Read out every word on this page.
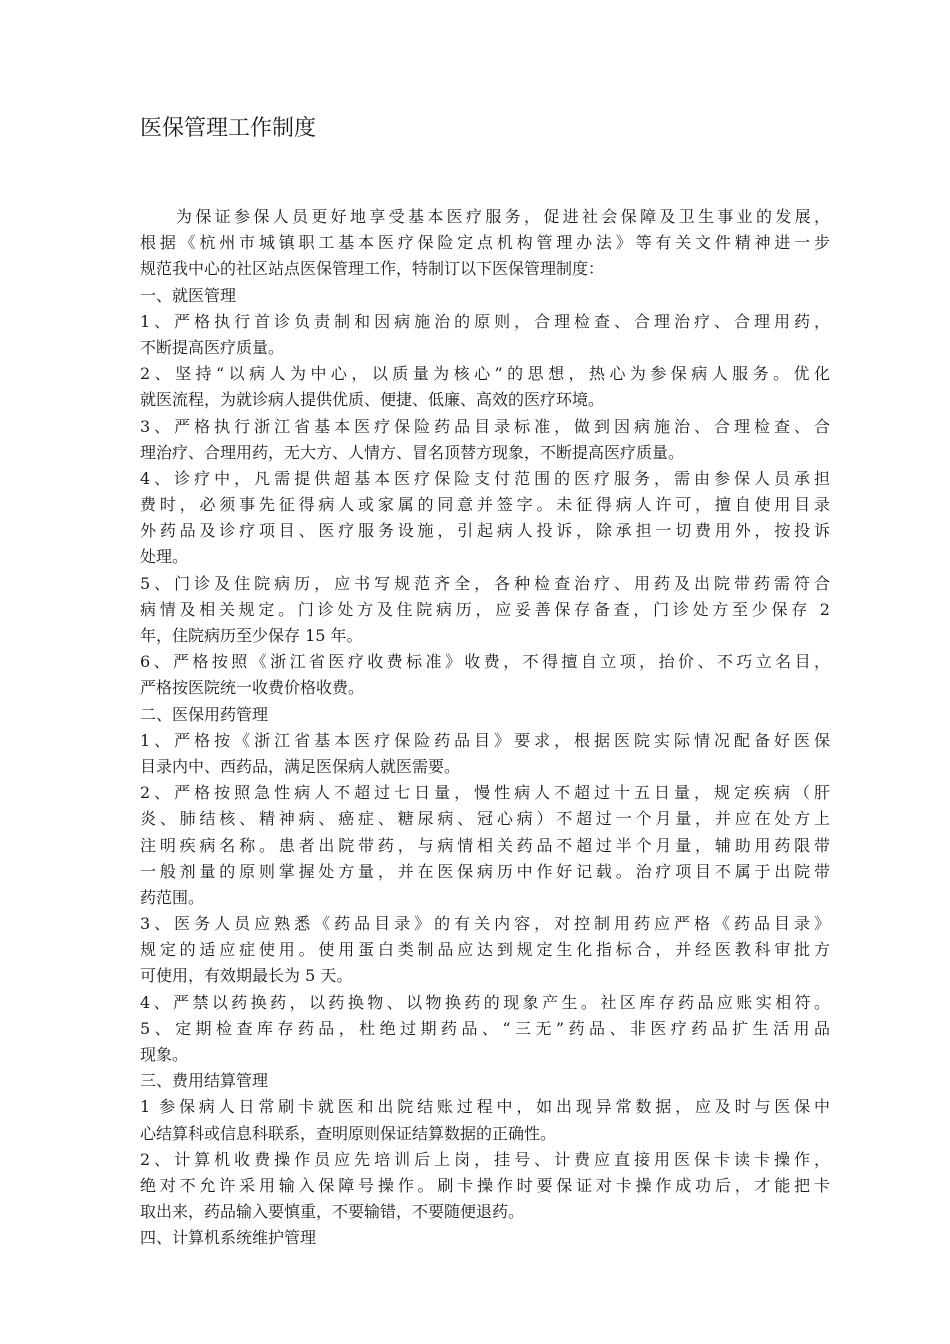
医保管理工作制度
为保证参保人员更好地享受基本医疗服务，促进社会保障及卫生事业的发展，
根据《杭州市城镇职工基本医疗保险定点机构管理办法》等有关文件精神进一步
规范我中心的社区站点医保管理工作，特制订以下医保管理制度：
一、就医管理
1、严格执行首诊负责制和因病施治的原则，合理检查、合理治疗、合理用药，
不断提高医疗质量。
2、坚持“以病人为中心，以质量为核心”的思想，热心为参保病人服务。优化
就医流程，为就诊病人提供优质、便捷、低廉、高效的医疗环境。
3、严格执行浙江省基本医疗保险药品目录标准，做到因病施治、合理检查、合
理治疗、合理用药，无大方、人情方、冒名顶替方现象，不断提高医疗质量。
4、诊疗中，凡需提供超基本医疗保险支付范围的医疗服务，需由参保人员承担
费时，必须事先征得病人或家属的同意并签字。未征得病人许可，擅自使用目录
外药品及诊疗项目、医疗服务设施，引起病人投诉，除承担一切费用外，按投诉
处理。
5、门诊及住院病历，应书写规范齐全，各种检查治疗、用药及出院带药需符合
病情及相关规定。门诊处方及住院病历，应妥善保存备查，门诊处方至少保存 2
年，住院病历至少保存 15 年。
6、严格按照《浙江省医疗收费标准》收费，不得擅自立项，抬价、不巧立名目，
严格按医院统一收费价格收费。
二、医保用药管理
1、严格按《浙江省基本医疗保险药品目》要求，根据医院实际情况配备好医保
目录内中、西药品，满足医保病人就医需要。
2、严格按照急性病人不超过七日量，慢性病人不超过十五日量，规定疾病（肝
炎、肺结核、精神病、癌症、糖尿病、冠心病）不超过一个月量，并应在处方上
注明疾病名称。患者出院带药，与病情相关药品不超过半个月量，辅助用药限带
一般剂量的原则掌握处方量，并在医保病历中作好记载。治疗项目不属于出院带
药范围。
3、医务人员应熟悉《药品目录》的有关内容，对控制用药应严格《药品目录》
规定的适应症使用。使用蛋白类制品应达到规定生化指标合，并经医教科审批方
可使用，有效期最长为 5 天。
4、严禁以药换药，以药换物、以物换药的现象产生。社区库存药品应账实相符。
5、定期检查库存药品，杜绝过期药品、“三无”药品、非医疗药品扩生活用品
现象。
三、费用结算管理
1 参保病人日常刷卡就医和出院结账过程中，如出现异常数据，应及时与医保中
心结算科或信息科联系，查明原则保证结算数据的正确性。
2、计算机收费操作员应先培训后上岗，挂号、计费应直接用医保卡读卡操作，
绝对不允许采用输入保障号操作。刷卡操作时要保证对卡操作成功后，才能把卡
取出来，药品输入要慎重，不要输错，不要随便退药。
四、计算机系统维护管理
